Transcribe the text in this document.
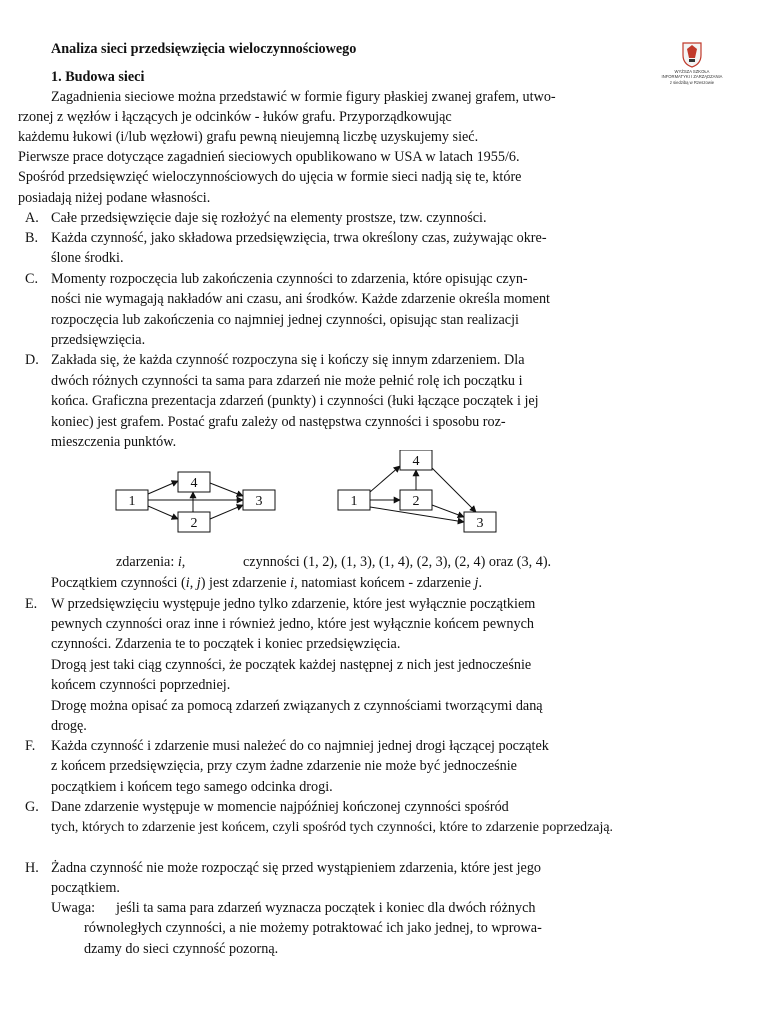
Analiza sieci przedsięwzięcia wieloczynnościowego
WYŻSZA SZKOŁA
INFORMATYKI I ZARZĄDZANIA
z siedzibą w Rzeszowie
1. Budowa sieci
Zagadnienia sieciowe można przedstawić w formie figury płaskiej zwanej grafem, utwo-
rzonej z węzłów i łączących je odcinków - łuków grafu. Przyporządkowując
każdemu łukowi (i/lub węzłowi) grafu pewną nieujemną liczbę uzyskujemy sieć.
Pierwsze prace dotyczące zagadnień sieciowych opublikowano w USA w latach 1955/6.
Spośród przedsięwzięć wieloczynnościowych do ujęcia w formie sieci nadją się te, które
posiadają niżej podane własności.
A. Całe przedsięwzięcie daje się rozłożyć na elementy prostsze, tzw. czynności.
B. Każda czynność, jako składowa przedsięwzięcia, trwa określony czas, zużywając okre-
ślone środki.
C. Momenty rozpoczęcia lub zakończenia czynności to zdarzenia, które opisując czyn-
ności nie wymagają nakładów ani czasu, ani środków. Każde zdarzenie określa moment
rozpoczęcia lub zakończenia co najmniej jednej czynności, opisując stan realizacji
przedsięwzięcia.
D. Zakłada się, że każda czynność rozpoczyna się i kończy się innym zdarzeniem. Dla
dwóch różnych czynności ta sama para zdarzeń nie może pełnić rolę ich początku i
końca. Graficzna prezentacja zdarzeń (punkty) i czynności (łuki łączące początek i jej
koniec) jest grafem. Postać grafu zależy od następstwa czynności i sposobu roz-
mieszczenia punktów.
1
4
2
3	1
4
2
3
zdarzenia: i,	czynności (1, 2), (1, 3), (1, 4), (2, 3), (2, 4) oraz (3, 4).
Początkiem czynności (i, j) jest zdarzenie i, natomiast końcem - zdarzenie j.
E. W przedsięwzięciu występuje jedno tylko zdarzenie, które jest wyłącznie początkiem
pewnych czynności oraz inne i również jedno, które jest wyłącznie końcem pewnych
czynności. Zdarzenia te to początek i koniec przedsięwzięcia.
Drogą jest taki ciąg czynności, że początek każdej następnej z nich jest jednocześnie
końcem czynności poprzedniej.
Drogę można opisać za pomocą zdarzeń związanych z czynnościami tworzącymi daną
drogę.
F. Każda czynność i zdarzenie musi należeć do co najmniej jednej drogi łączącej początek
z końcem przedsięwzięcia, przy czym żadne zdarzenie nie może być jednocześnie
początkiem i końcem tego samego odcinka drogi.
G. Dane zdarzenie występuje w momencie najpóźniej kończonej czynności spośród
tych, których to zdarzenie jest końcem, czyli spośród tych czynności, które to zdarzenie poprzedzają.
H. Żadna czynność nie może rozpocząć się przed wystąpieniem zdarzenia, które jest jego
początkiem.
Uwaga: jeśli ta sama para zdarzeń wyznacza początek i koniec dla dwóch różnych
równoległych czynności, a nie możemy potraktować ich jako jednej, to wprowa-
dzamy do sieci czynność pozorną.
